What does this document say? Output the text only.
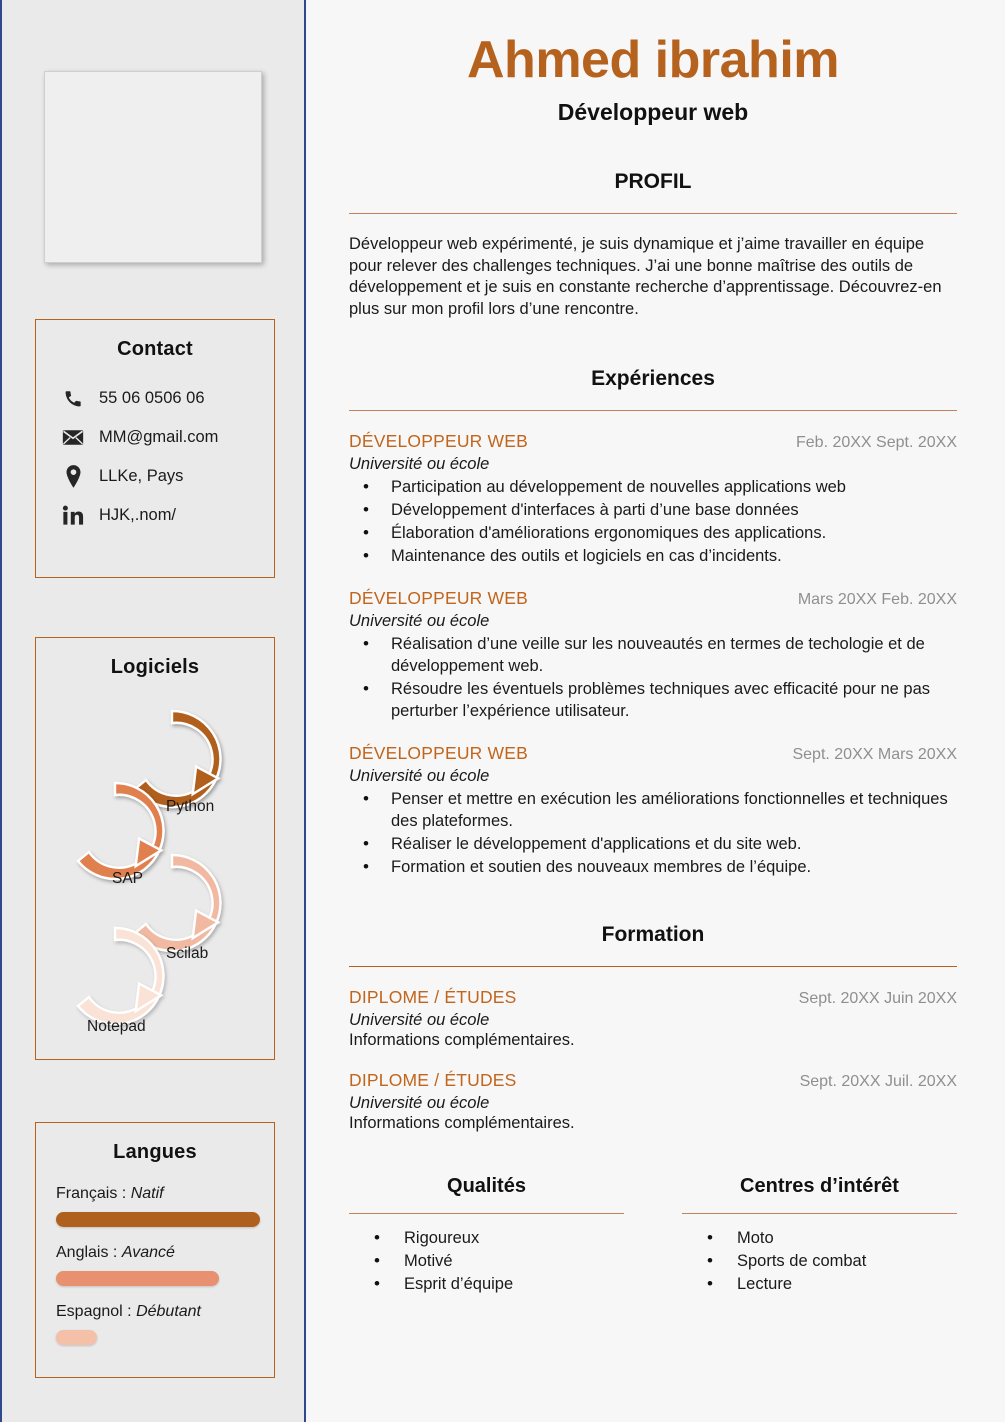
Contact
55 06 0506 06
MM@gmail.com
LLKe, Pays
HJK,.nom/
Logiciels
Python
SAP
Scilab
Notepad
Langues
Français : Natif
Anglais : Avancé
Espagnol : Débutant
Ahmed ibrahim
Développeur web
PROFIL

Développeur web expérimenté, je suis dynamique et j’aime travailler en équipe pour relever des challenges techniques. J’ai une bonne maîtrise des outils de développement et je suis en constante recherche d’apprentissage. Découvrez-en plus sur mon profil lors d’une rencontre.

Expériences
DÉVELOPPEUR WEB	Feb. 20XX Sept. 20XX
Université ou école
• Participation au développement de nouvelles applications web
• Développement d'interfaces à parti d’une base données
• Élaboration d'améliorations ergonomiques des applications.
• Maintenance des outils et logiciels en cas d’incidents.
DÉVELOPPEUR WEB	Mars 20XX Feb. 20XX
Université ou école
• Réalisation d’une veille sur les nouveautés en termes de techologie et de développement web.
• Résoudre les éventuels problèmes techniques avec efficacité pour ne pas perturber l’expérience utilisateur.
DÉVELOPPEUR WEB	Sept. 20XX Mars 20XX
Université ou école
• Penser et mettre en exécution les améliorations fonctionnelles et techniques des plateformes.
• Réaliser le développement d'applications et du site web.
• Formation et soutien des nouveaux membres de l’équipe.
Formation
DIPLOME / ÉTUDES	Sept. 20XX Juin 20XX
Université ou école
Informations complémentaires.
DIPLOME / ÉTUDES	Sept. 20XX Juil. 20XX
Université ou école
Informations complémentaires.
Qualités
• Rigoureux
• Motivé
• Esprit d’équipe
Centres d’intérêt
• Moto
• Sports de combat
• Lecture
